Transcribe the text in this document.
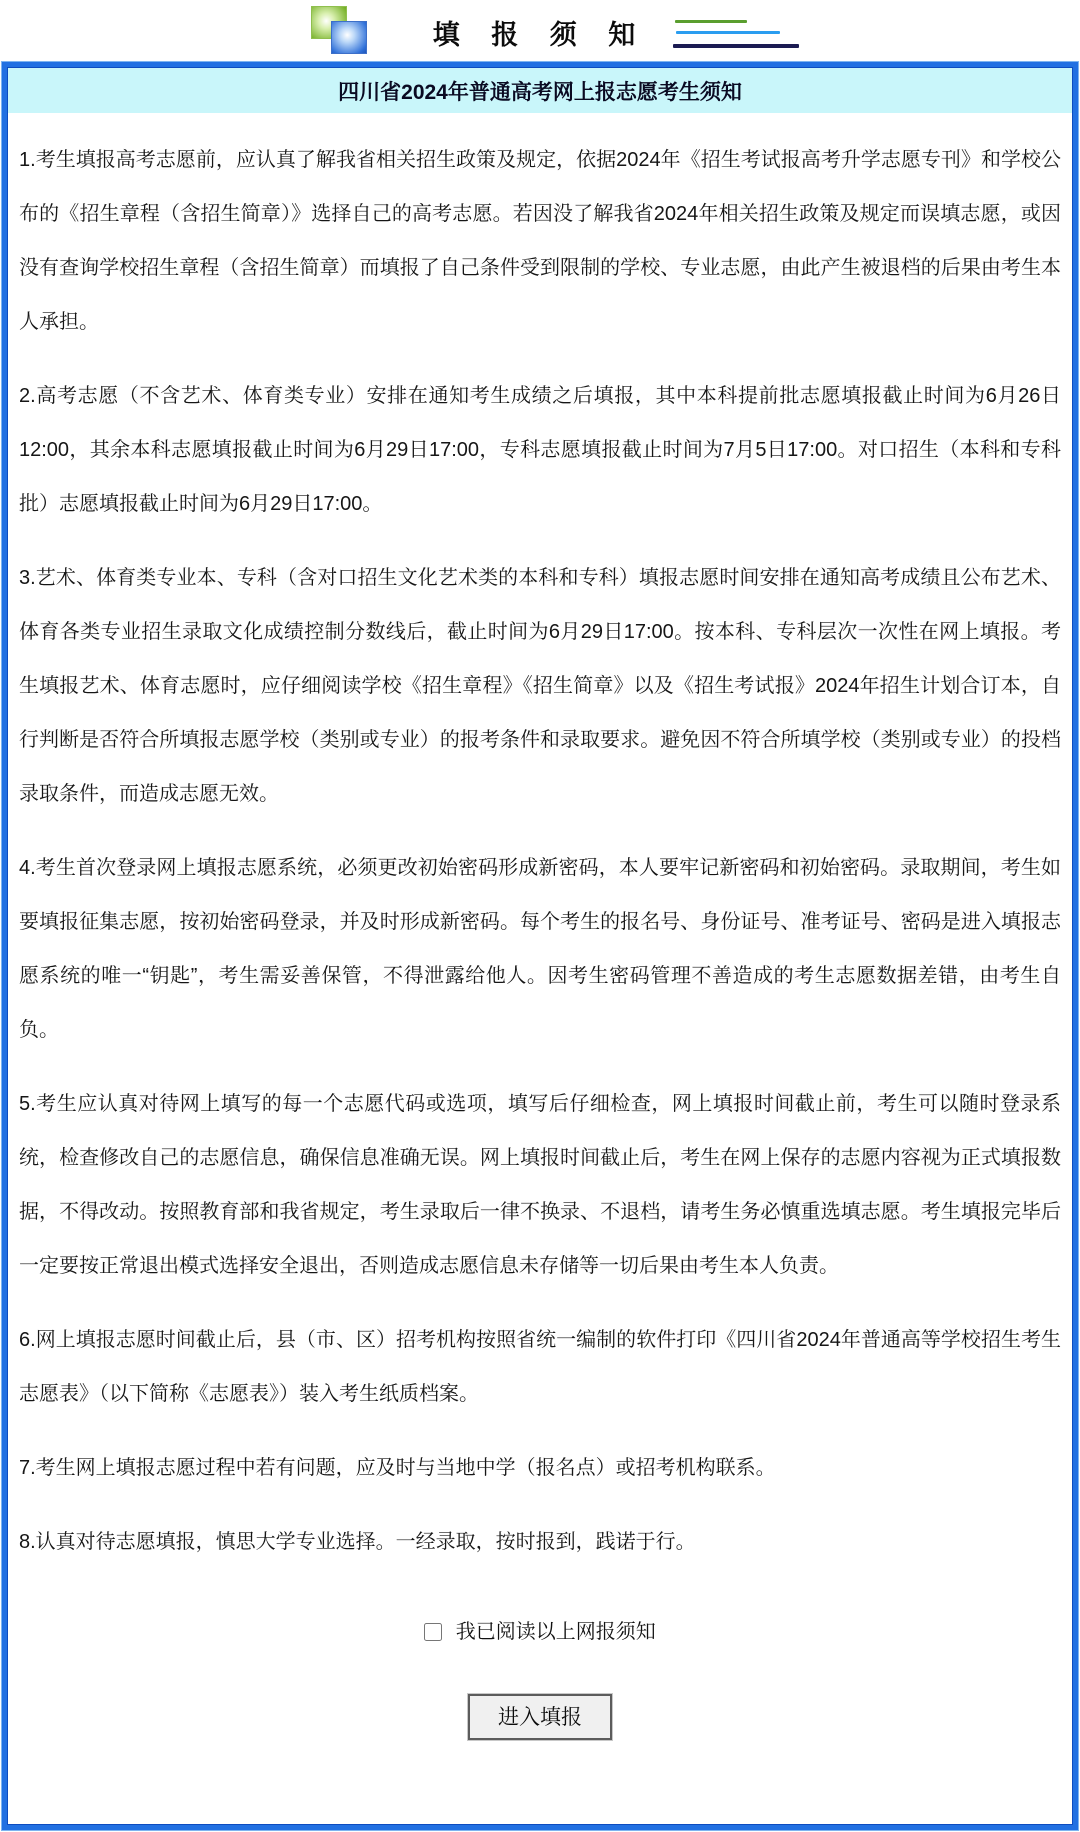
填 报 须 知
四川省2024年普通高考网上报志愿考生须知

1.考生填报高考志愿前，应认真了解我省相关招生政策及规定，依据2024年《招生考试报高考升学志愿专刊》和学校公布的《招生章程（含招生简章）》选择自己的高考志愿。若因没了解我省2024年相关招生政策及规定而误填志愿，或因没有查询学校招生章程（含招生简章）而填报了自己条件受到限制的学校、专业志愿，由此产生被退档的后果由考生本人承担。

2.高考志愿（不含艺术、体育类专业）安排在通知考生成绩之后填报，其中本科提前批志愿填报截止时间为6月26日12:00，其余本科志愿填报截止时间为6月29日17:00，专科志愿填报截止时间为7月5日17:00。对口招生（本科和专科批）志愿填报截止时间为6月29日17:00。

3.艺术、体育类专业本、专科（含对口招生文化艺术类的本科和专科）填报志愿时间安排在通知高考成绩且公布艺术、体育各类专业招生录取文化成绩控制分数线后，截止时间为6月29日17:00。按本科、专科层次一次性在网上填报。考生填报艺术、体育志愿时，应仔细阅读学校《招生章程》《招生简章》以及《招生考试报》2024年招生计划合订本，自行判断是否符合所填报志愿学校（类别或专业）的报考条件和录取要求。避免因不符合所填学校（类别或专业）的投档录取条件，而造成志愿无效。

4.考生首次登录网上填报志愿系统，必须更改初始密码形成新密码，本人要牢记新密码和初始密码。录取期间，考生如要填报征集志愿，按初始密码登录，并及时形成新密码。每个考生的报名号、身份证号、准考证号、密码是进入填报志愿系统的唯一“钥匙”，考生需妥善保管，不得泄露给他人。因考生密码管理不善造成的考生志愿数据差错，由考生自负。

5.考生应认真对待网上填写的每一个志愿代码或选项，填写后仔细检查，网上填报时间截止前，考生可以随时登录系统，检查修改自己的志愿信息，确保信息准确无误。网上填报时间截止后，考生在网上保存的志愿内容视为正式填报数据，不得改动。按照教育部和我省规定，考生录取后一律不换录、不退档，请考生务必慎重选填志愿。考生填报完毕后一定要按正常退出模式选择安全退出，否则造成志愿信息未存储等一切后果由考生本人负责。

6.网上填报志愿时间截止后，县（市、区）招考机构按照省统一编制的软件打印《四川省2024年普通高等学校招生考生志愿表》（以下简称《志愿表》）装入考生纸质档案。

7.考生网上填报志愿过程中若有问题，应及时与当地中学（报名点）或招考机构联系。

8.认真对待志愿填报，慎思大学专业选择。一经录取，按时报到，践诺于行。

我已阅读以上网报须知
进入填报
